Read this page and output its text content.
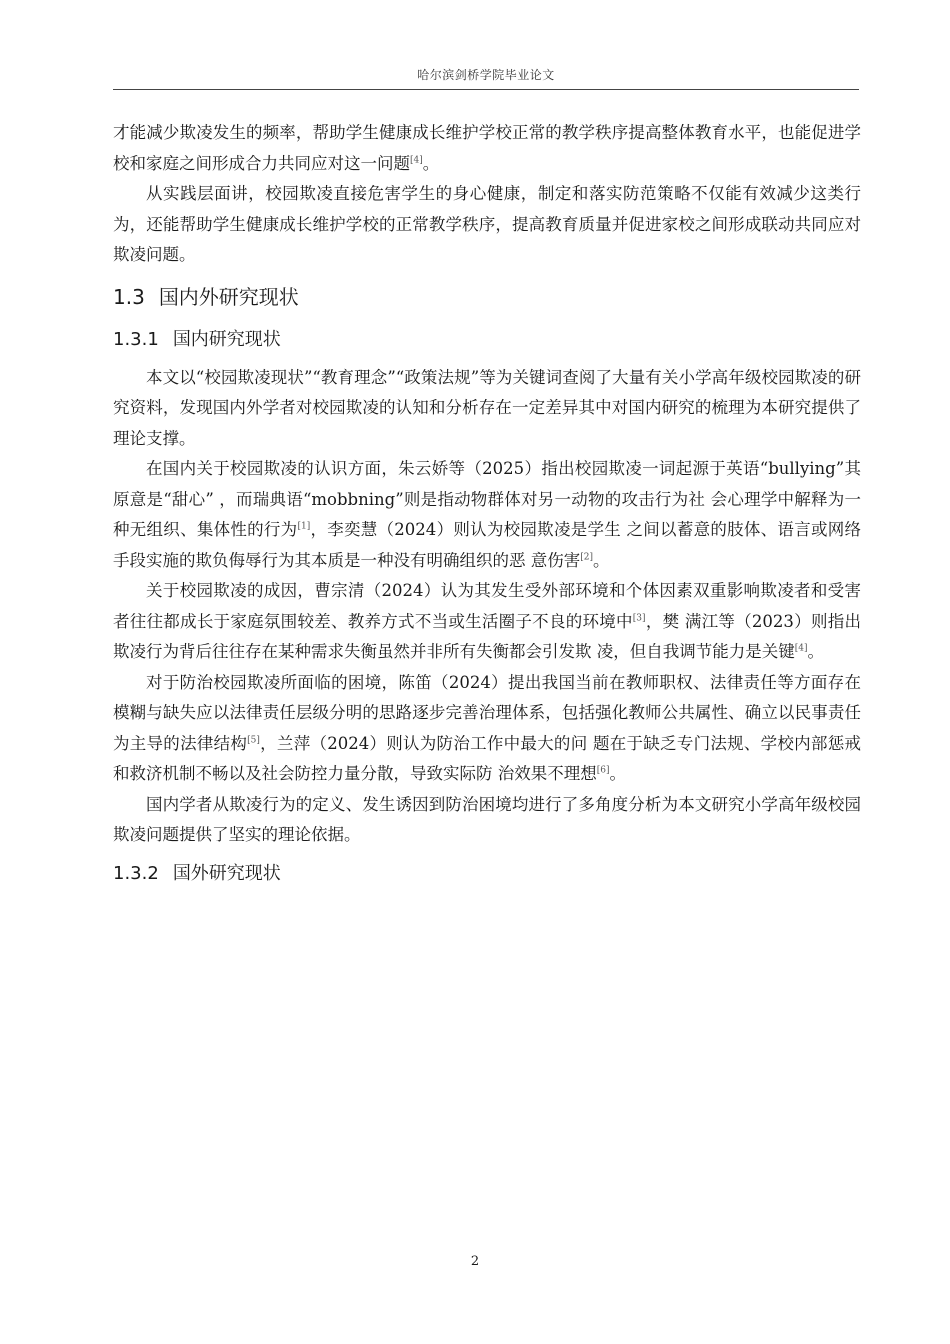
哈尔滨剑桥学院毕业论文

才能减少欺凌发生的频率，帮助学生健康成长维护学校正常的教学秩序提高整体教育水平，也能促进学校和家庭之间形成合力共同应对这一问题[4]。

从实践层面讲，校园欺凌直接危害学生的身心健康，制定和落实防范策略不仅能有效减少这类行为，还能帮助学生健康成长维护学校的正常教学秩序，提高教育质量并促进家校之间形成联动共同应对欺凌问题。

1.3 国内外研究现状
1.3.1 国内研究现状

本文以“校园欺凌现状”“教育理念”“政策法规”等为关键词查阅了大量有关小学高年级校园欺凌的研究资料，发现国内外学者对校园欺凌的认知和分析存在一定差异其中对国内研究的梳理为本研究提供了理论支撑。

在国内关于校园欺凌的认识方面，朱云娇等（2025）指出校园欺凌一词起源于英语“bullying”其原意是“甜心” ，而瑞典语“mobbning”则是指动物群体对另一动物的攻击行为社 会心理学中解释为一种无组织、集体性的行为[1]，李奕慧（2024）则认为校园欺凌是学生 之间以蓄意的肢体、语言或网络手段实施的欺负侮辱行为其本质是一种没有明确组织的恶 意伤害[2]。

关于校园欺凌的成因，曹宗清（2024）认为其发生受外部环境和个体因素双重影响欺凌者和受害者往往都成长于家庭氛围较差、教养方式不当或生活圈子不良的环境中[3]，樊 满江等（2023）则指出欺凌行为背后往往存在某种需求失衡虽然并非所有失衡都会引发欺 凌，但自我调节能力是关键[4]。

对于防治校园欺凌所面临的困境，陈笛（2024）提出我国当前在教师职权、法律责任等方面存在模糊与缺失应以法律责任层级分明的思路逐步完善治理体系，包括强化教师公共属性、确立以民事责任为主导的法律结构[5]，兰萍（2024）则认为防治工作中最大的问 题在于缺乏专门法规、学校内部惩戒和救济机制不畅以及社会防控力量分散，导致实际防 治效果不理想[6]。

国内学者从欺凌行为的定义、发生诱因到防治困境均进行了多角度分析为本文研究小学高年级校园欺凌问题提供了坚实的理论依据。

1.3.2 国外研究现状
2
